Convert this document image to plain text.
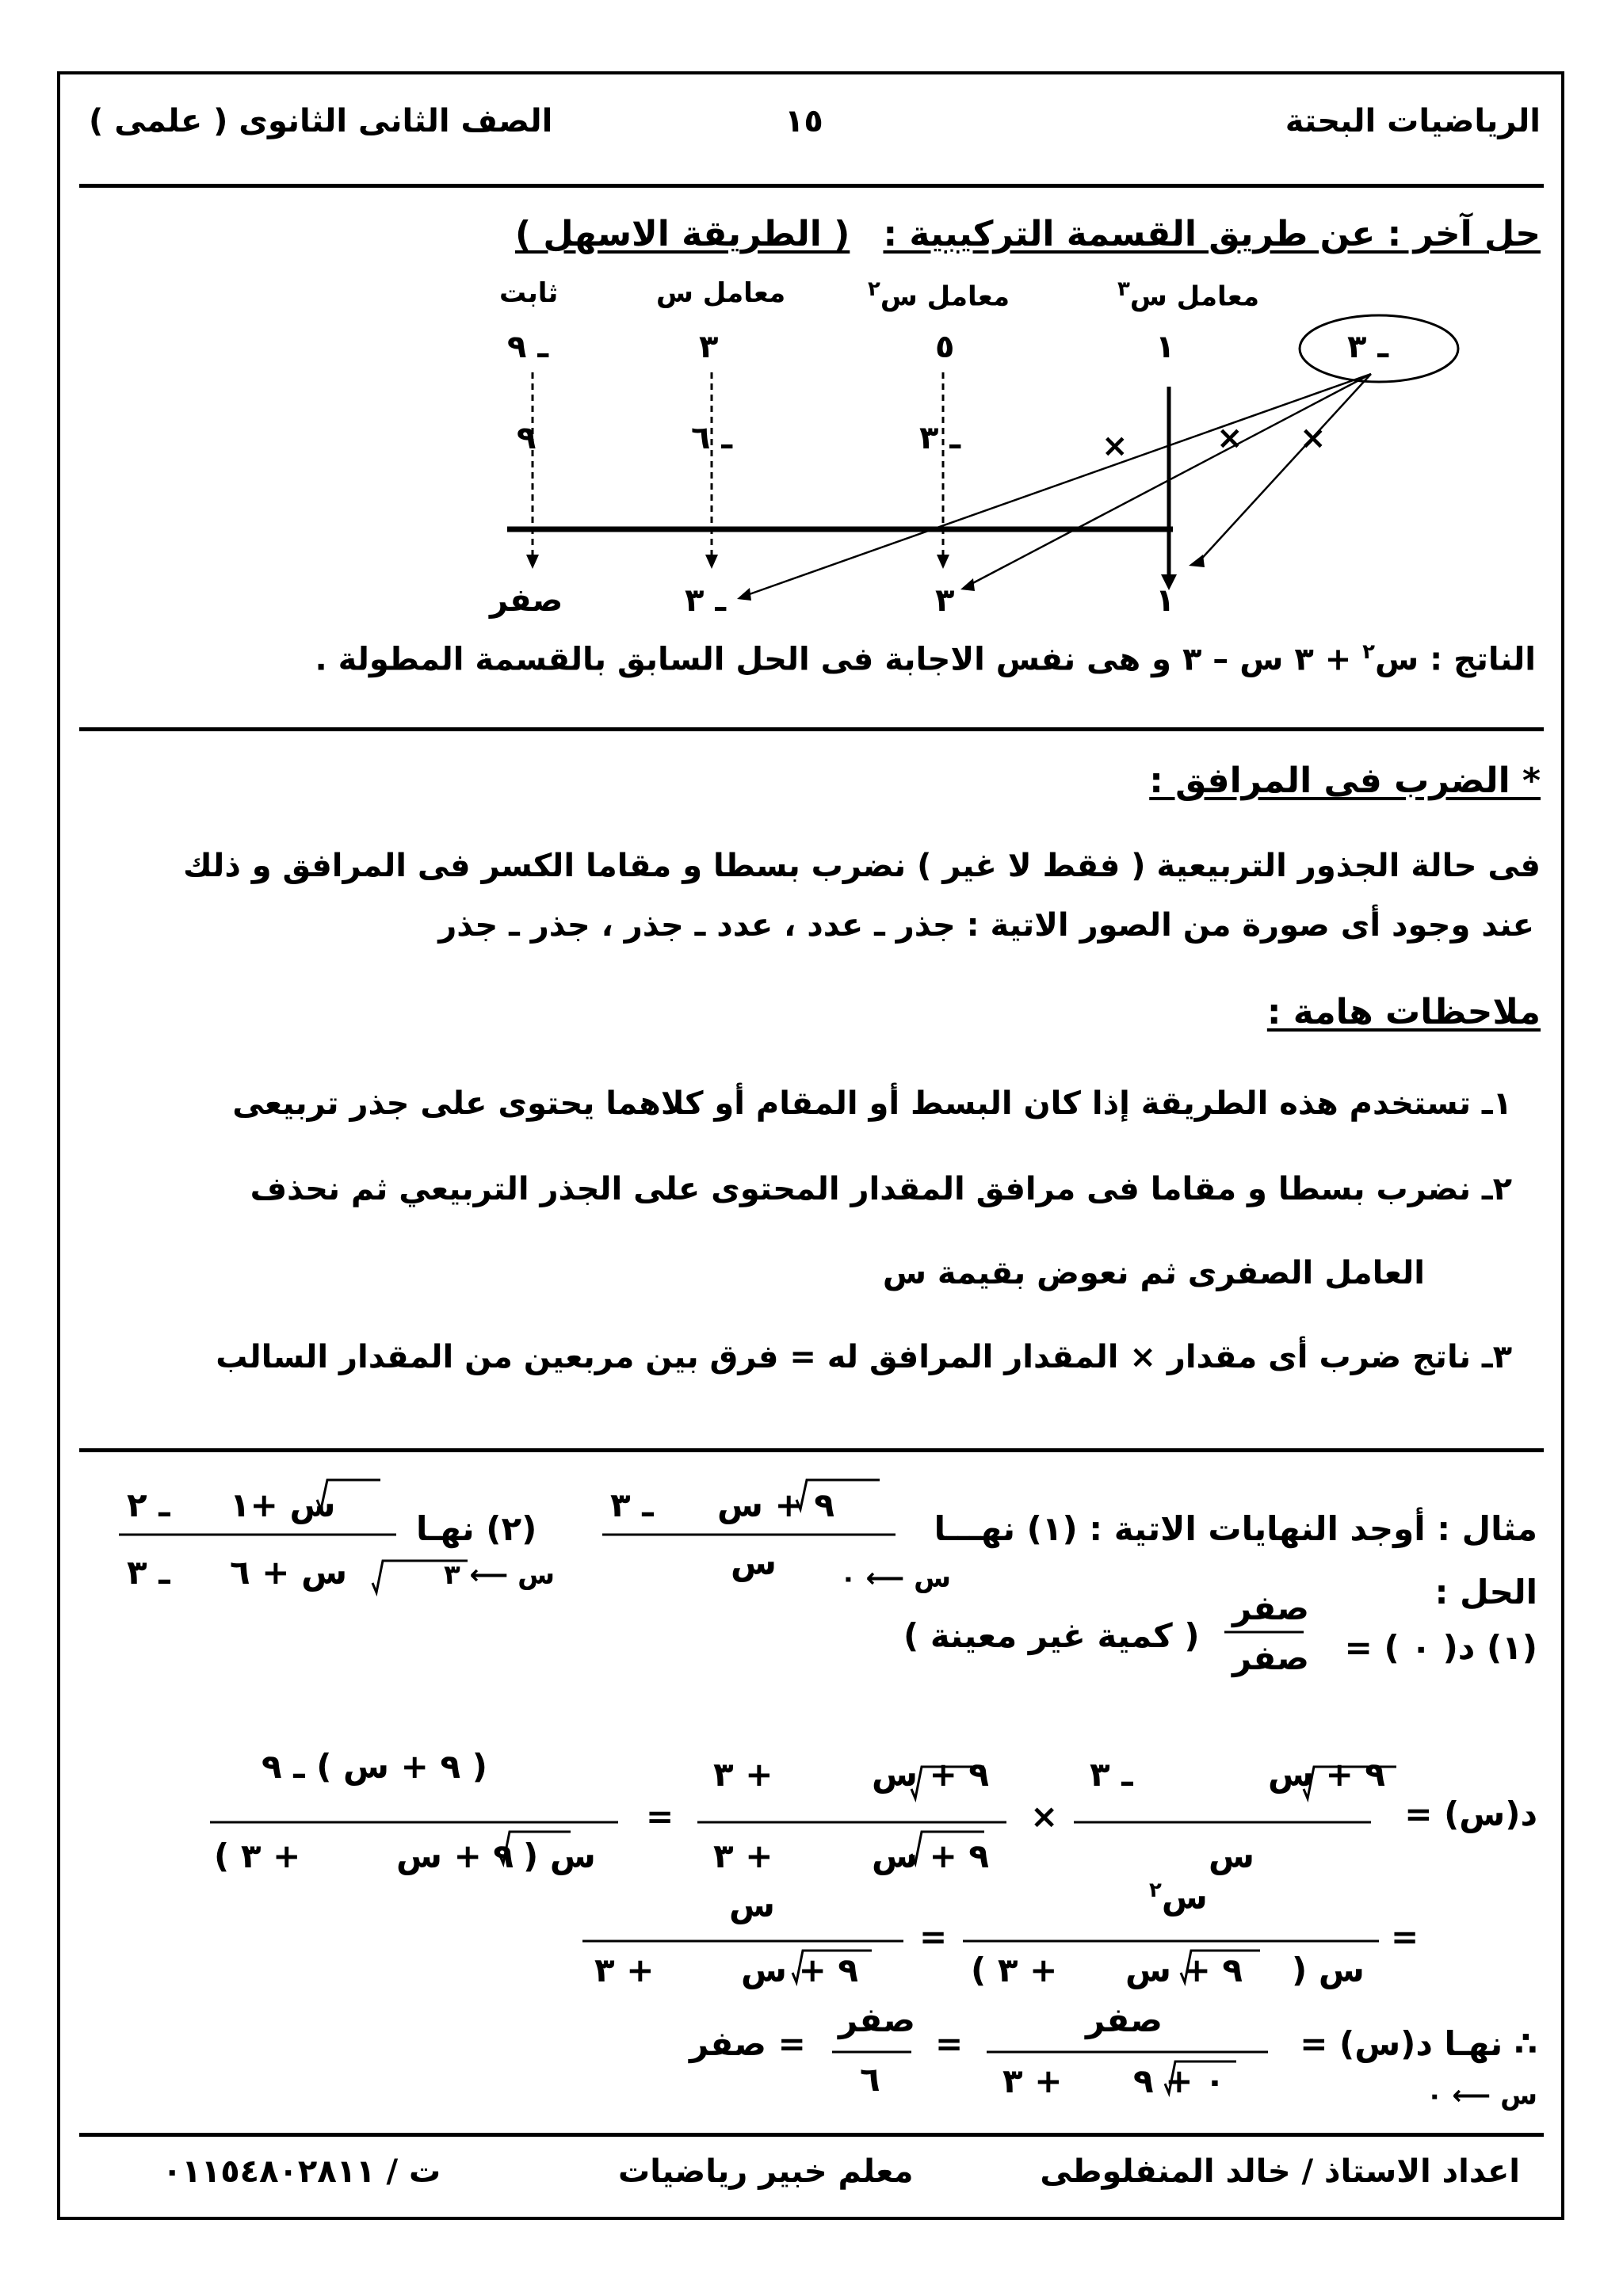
الرياضيات البحتة
١٥
الصف الثانى الثانوى ( علمى )
حل آخر : عن طريق القسمة التركيبية :
( الطريقة الاسهل )
معامل س$^٣$
معامل س$^٢$
معامل س
ثابت
ـ ٣
١
٥
٣
ـ ٩
×	× ×
ـ ٣
ـ ٦
٩
١
٣
ـ ٣
صفر
الناتج : س$^٢$ + ٣ س – ٣ و هى نفس الاجابة فى الحل السابق بالقسمة المطولة .
* الضرب فى المرافق :
فى حالة الجذور التربيعية ( فقط لا غير ) نضرب بسطا و مقاما الكسر فى المرافق و ذلك
عند وجود أى صورة من الصور الاتية : جذر ـ عدد ، عدد ـ جذر ، جذر ـ جذر
ملاحظات هامة :
١ـ تستخدم هذه الطريقة إذا كان البسط أو المقام أو كلاهما يحتوى على جذر تربيعى
٢ـ نضرب بسطا و مقاما فى مرافق المقدار المحتوى على الجذر التربيعي ثم نحذف
العامل الصفرى ثم نعوض بقيمة س
٣ـ ناتج ضرب أى مقدار × المقدار المرافق له = فرق بين مربعين من المقدار السالب
مثال : أوجد النهايات الاتية : (١) نهـــا
س ⟵ ٠
٩ + س
ـ ٣
س
(٢) نهـا
س ⟵ ٣
س +١
ـ ٢
س + ٦
ـ ٣
الحل :
(١) د( ٠ ) =
صفر
صفر
( كمية غير معينة )
د(س) =
٩ + س
ـ ٣
س
×
٩ + س
+ ٣
٩ + س
+ ٣
=
( ٩ + س ) ـ ٩
س (
٩ + س
+ ٣ )
=
س$^٢$
س (
٩ + س
+ ٣ )
=
س
٩ + س
+ ٣
∴ نهـا د(س) =
س ⟵ ٠
صفر
٠ + ٩
+ ٣
=
صفر
٦
= صفر
اعداد الاستاذ / خالد المنفلوطى
معلم خبير رياضيات
ت / ٠١١٥٤٨٠٢٨١١
